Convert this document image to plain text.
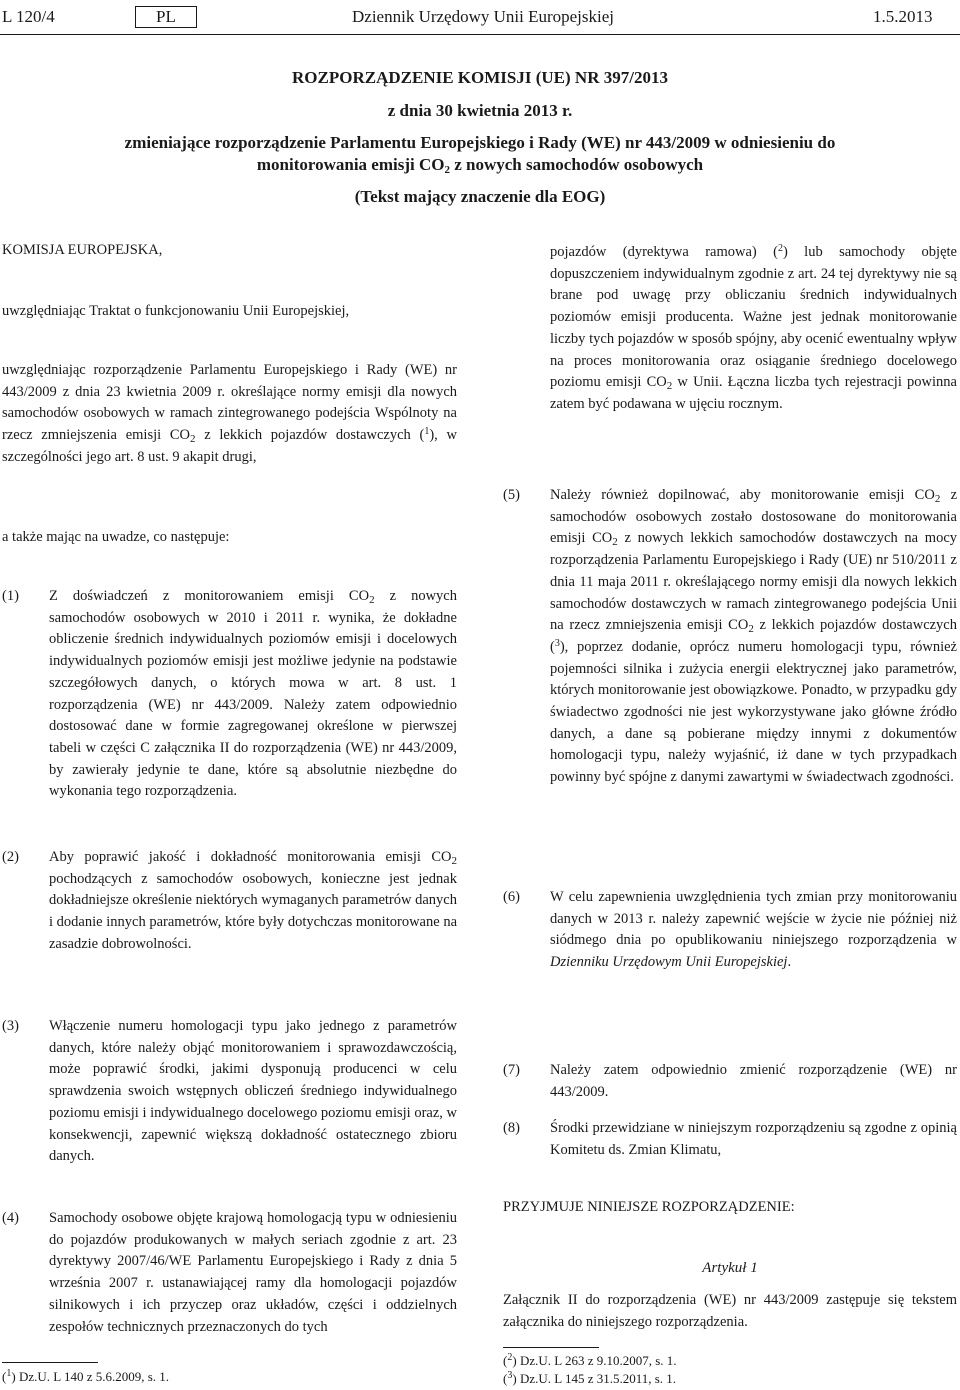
L 120/4	PL	Dziennik Urzędowy Unii Europejskiej	1.5.2013
ROZPORZĄDZENIE KOMISJI (UE) NR 397/2013
z dnia 30 kwietnia 2013 r.
zmieniające rozporządzenie Parlamentu Europejskiego i Rady (WE) nr 443/2009 w odniesieniu do
monitorowania emisji $CO_2$ z nowych samochodów osobowych
(Tekst mający znaczenie dla EOG)
KOMISJA EUROPEJSKA,
uwzględniając Traktat o funkcjonowaniu Unii Europejskiej,
uwzględniając rozporządzenie Parlamentu Europejskiego i Rady (WE) nr 443/2009 z dnia 23 kwietnia 2009 r. określające normy emisji dla nowych samochodów osobowych w ramach zintegrowanego podejścia Wspólnoty na rzecz zmniejszenia emisji $CO_2$ z lekkich pojazdów dostawczych ($^1$), w szczególności jego art. 8 ust. 9 akapit drugi,
a także mając na uwadze, co następuje:
(1) Z doświadczeń z monitorowaniem emisji $CO_2$ z nowych samochodów osobowych w 2010 i 2011 r. wynika, że dokładne obliczenie średnich indywidualnych poziomów emisji i docelowych indywidualnych poziomów emisji jest możliwe jedynie na podstawie szczegółowych danych, o których mowa w art. 8 ust. 1 rozporządzenia (WE) nr 443/2009. Należy zatem odpowiednio dostosować dane w formie zagregowanej określone w pierwszej tabeli w części C załącznika II do rozporządzenia (WE) nr 443/2009, by zawierały jedynie te dane, które są absolutnie niezbędne do wykonania tego rozporządzenia.
(2) Aby poprawić jakość i dokładność monitorowania emisji $CO_2$ pochodzących z samochodów osobowych, konieczne jest jednak dokładniejsze określenie niektórych wymaganych parametrów danych i dodanie innych parametrów, które były dotychczas monitorowane na zasadzie dobrowolności.
(3) Włączenie numeru homologacji typu jako jednego z parametrów danych, które należy objąć monitorowaniem i sprawozdawczością, może poprawić środki, jakimi dysponują producenci w celu sprawdzenia swoich wstępnych obliczeń średniego indywidualnego poziomu emisji i indywidualnego docelowego poziomu emisji oraz, w konsekwencji, zapewnić większą dokładność ostatecznego zbioru danych.
(4) Samochody osobowe objęte krajową homologacją typu w odniesieniu do pojazdów produkowanych w małych seriach zgodnie z art. 23 dyrektywy 2007/46/WE Parlamentu Europejskiego i Rady z dnia 5 września 2007 r. ustanawiającej ramy dla homologacji pojazdów silnikowych i ich przyczep oraz układów, części i oddzielnych zespołów technicznych przeznaczonych do tych
($^1$) Dz.U. L 140 z 5.6.2009, s. 1.
pojazdów (dyrektywa ramowa) ($^2$) lub samochody objęte dopuszczeniem indywidualnym zgodnie z art. 24 tej dyrektywy nie są brane pod uwagę przy obliczaniu średnich indywidualnych poziomów emisji producenta. Ważne jest jednak monitorowanie liczby tych pojazdów w sposób spójny, aby ocenić ewentualny wpływ na proces monitorowania oraz osiąganie średniego docelowego poziomu emisji $CO_2$ w Unii. Łączna liczba tych rejestracji powinna zatem być podawana w ujęciu rocznym.
(5) Należy również dopilnować, aby monitorowanie emisji $CO_2$ z samochodów osobowych zostało dostosowane do monitorowania emisji $CO_2$ z nowych lekkich samochodów dostawczych na mocy rozporządzenia Parlamentu Europejskiego i Rady (UE) nr 510/2011 z dnia 11 maja 2011 r. określającego normy emisji dla nowych lekkich samochodów dostawczych w ramach zintegrowanego podejścia Unii na rzecz zmniejszenia emisji $CO_2$ z lekkich pojazdów dostawczych ($^3$), poprzez dodanie, oprócz numeru homologacji typu, również pojemności silnika i zużycia energii elektrycznej jako parametrów, których monitorowanie jest obowiązkowe. Ponadto, w przypadku gdy świadectwo zgodności nie jest wykorzystywane jako główne źródło danych, a dane są pobierane między innymi z dokumentów homologacji typu, należy wyjaśnić, iż dane w tych przypadkach powinny być spójne z danymi zawartymi w świadectwach zgodności.
(6) W celu zapewnienia uwzględnienia tych zmian przy monitorowaniu danych w 2013 r. należy zapewnić wejście w życie nie później niż siódmego dnia po opublikowaniu niniejszego rozporządzenia w Dzienniku Urzędowym Unii Europejskiej.
(7) Należy zatem odpowiednio zmienić rozporządzenie (WE) nr 443/2009.
(8) Środki przewidziane w niniejszym rozporządzeniu są zgodne z opinią Komitetu ds. Zmian Klimatu,
PRZYJMUJE NINIEJSZE ROZPORZĄDZENIE:
Artykuł 1
Załącznik II do rozporządzenia (WE) nr 443/2009 zastępuje się tekstem załącznika do niniejszego rozporządzenia.
($^2$) Dz.U. L 263 z 9.10.2007, s. 1.
($^3$) Dz.U. L 145 z 31.5.2011, s. 1.
